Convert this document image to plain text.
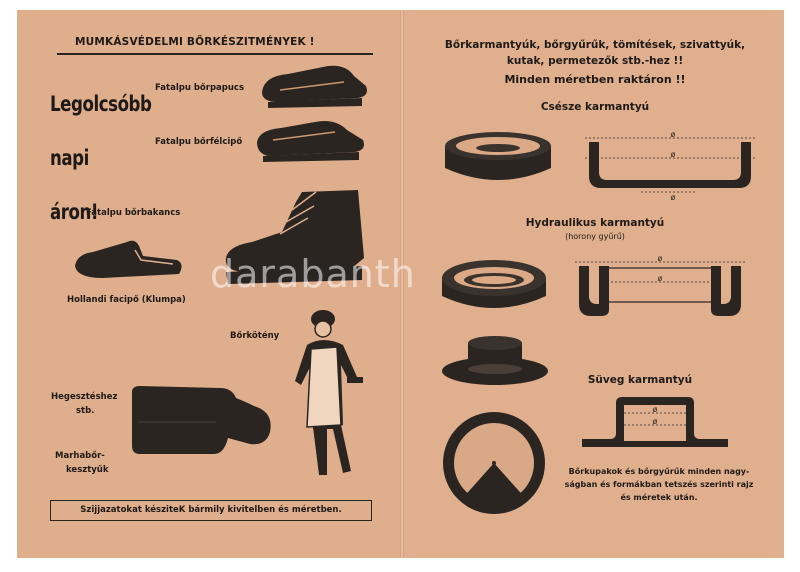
MUMKÁSVÉDELMI BŐRKÉSZITMÉNYEK !
Legolcsóbb
napi
áron!
Fatalpu bőrpapucs
Fatalpu bőrfélcipő
Fatalpu bőrbakancs
Hollandi facipő (Klumpa)
Bőrkötény
Hegesztéshez
stb.
Marhabőr-
kesztyűk
Szijjazatokat késziteK bármily kivitelben és méretben.
Bőrkarmantyúk, bőrgyűrűk, tömítések, szivattyúk,
kutak, permetezők stb.-hez !!
Minden méretben raktáron !!
Csésze karmantyú
Hydraulikus karmantyú
(horony gyűrű)
Süveg karmantyú
Bőrkupakok és bőrgyűrűk minden nagy-
ságban és formákban tetszés szerinti rajz
és méretek után.
ø
ø
ø
ø
ø
ø
ø
darabanth
